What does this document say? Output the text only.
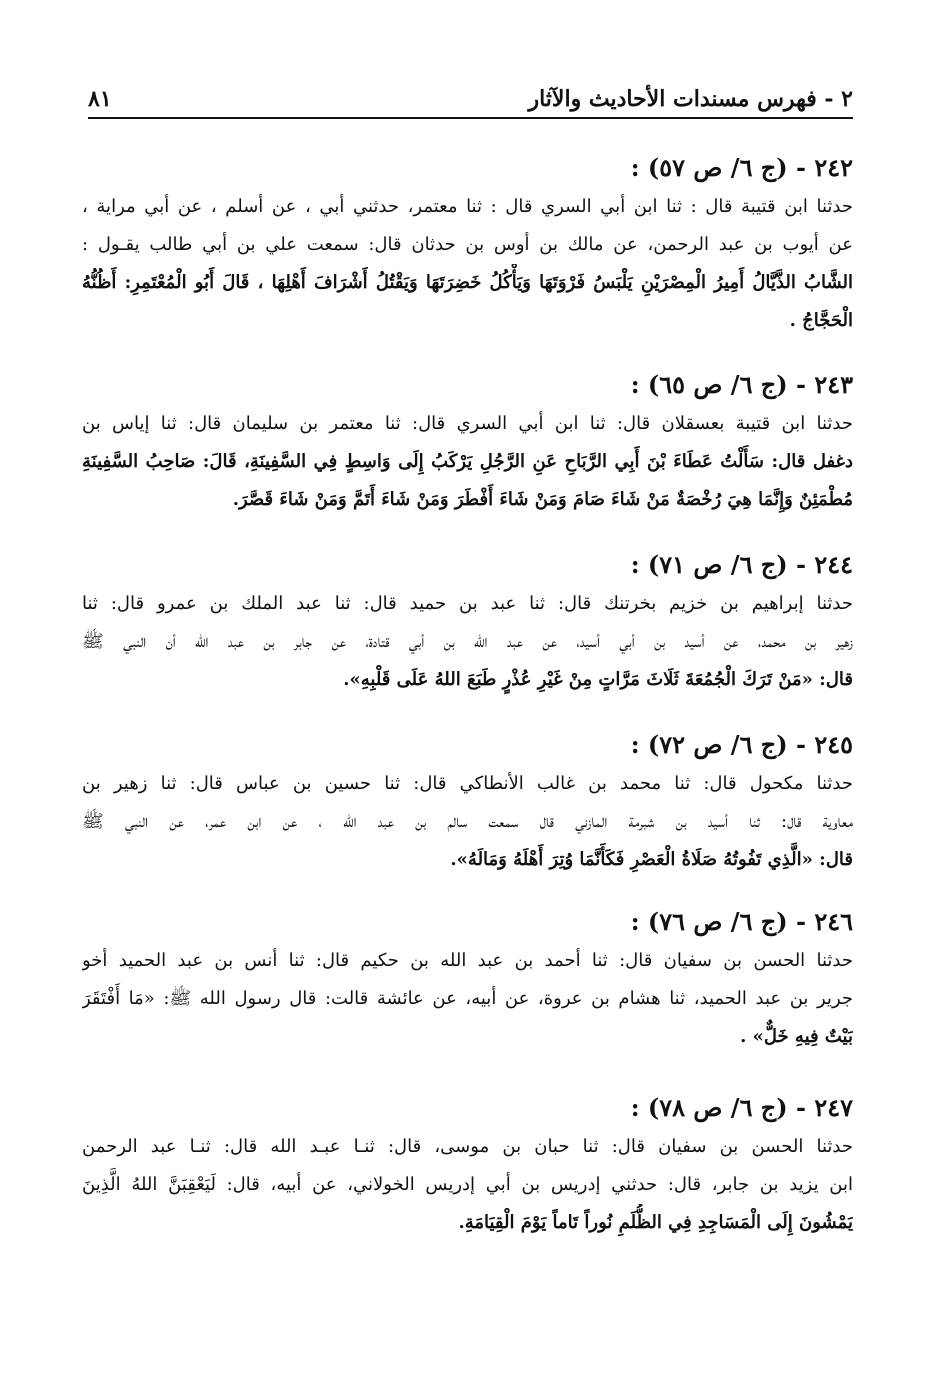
٢ - فهرس مسندات الأحاديث والآثار
٨١
٢٤٢ - (ج ٦/ ص ٥٧) :
حدثنا ابن قتيبة قال : ثنا ابن أبي السري قال : ثنا معتمر، حدثني أبي ، عن أسلم ، عن أبي مراية ،
عن أيوب بن عبد الرحمن، عن مالك بن أوس بن حدثان قال: سمعت علي بن أبي طالب يقـول :
الشَّابُ الذَّيَّالُ أَمِيرُ الْمِصْرَيْنِ يَلْبَسُ فَرْوَتَهَا وَيَأْكُلُ خَضِرَتَهَا وَيَقْتُلُ أَشْرَافَ أَهْلِهَا ، قَالَ أَبُو الْمُعْتَمِرِ: أَظُنُّهُ
الْحَجَّاجُ .
٢٤٣ - (ج ٦/ ص ٦٥) :
حدثنا ابن قتيبة بعسقلان قال: ثنا ابن أبي السري قال: ثنا معتمر بن سليمان قال: ثنا إياس بن
دغفل قال: سَأَلْتُ عَطَاءَ بْنَ أَبِي الرَّبَاحِ عَنِ الرَّجُلِ يَرْكَبُ إِلَى وَاسِطٍ فِي السَّفِينَةِ، قَالَ: صَاحِبُ السَّفِينَةِ
مُطْمَئِنٌ وَإِنَّمَا هِيَ رُخْصَةٌ مَنْ شَاءَ صَامَ وَمَنْ شَاءَ أَفْطَرَ وَمَنْ شَاءَ أَتَمَّ وَمَنْ شَاءَ قَصَّرَ.
٢٤٤ - (ج ٦/ ص ٧١) :
حدثنا إبراهيم بن خزيم بخرتنك قال: ثنا عبد بن حميد قال: ثنا عبد الملك بن عمرو قال: ثنا
زهير بن محمد، عن أسيد بن أبي أسيد، عن عبد الله بن أبي قتادة، عن جابر بن عبد الله أن النبي ﷺ
قال: «مَنْ تَرَكَ الْجُمُعَةَ ثَلَاثَ مَرَّاتٍ مِنْ غَيْرِ عُذْرٍ طَبَعَ اللهُ عَلَى قَلْبِهِ».
٢٤٥ - (ج ٦/ ص ٧٢) :
حدثنا مكحول قال: ثنا محمد بن غالب الأنطاكي قال: ثنا حسين بن عباس قال: ثنا زهير بن
معاوية قال: ثنا أسيد بن شبرمة المازني قال سمعت سالم بن عبد الله ، عن ابن عمر، عن النبي ﷺ
قال: «الَّذِي تَفُوتُهُ صَلَاةُ الْعَصْرِ فَكَأَنَّمَا وُتِرَ أَهْلَهُ وَمَالَهُ».
٢٤٦ - (ج ٦/ ص ٧٦) :
حدثنا الحسن بن سفيان قال: ثنا أحمد بن عبد الله بن حكيم قال: ثنا أنس بن عبد الحميد أخو
جرير بن عبد الحميد، ثنا هشام بن عروة، عن أبيه، عن عائشة قالت: قال رسول الله ﷺ: «مَا أَفْتَقَرَ
بَيْتٌ فِيهِ خَلٌّ» .
٢٤٧ - (ج ٦/ ص ٧٨) :
حدثنا الحسن بن سفيان قال: ثنا حبان بن موسى، قال: ثنـا عبـد الله قال: ثنـا عبد الرحمن
ابن يزيد بن جابر، قال: حدثني إدريس بن أبي إدريس الخولاني، عن أبيه، قال: لَيَعْقِبَنَّ اللهُ الَّذِينَ
يَمْشُونَ إِلَى الْمَسَاجِدِ فِي الظُّلَمِ نُوراً تَاماً يَوْمَ الْقِيَامَةِ.
